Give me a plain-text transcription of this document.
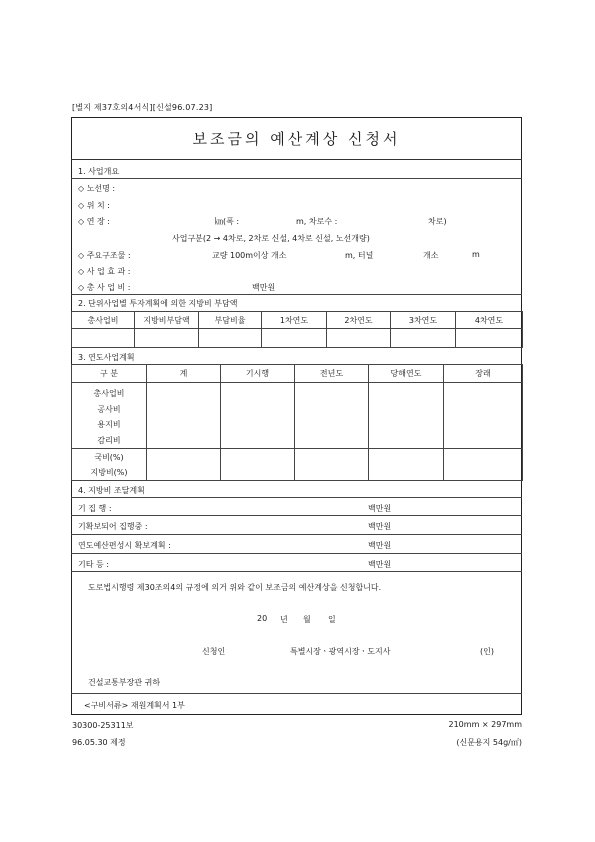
[별지 제37호의4서식][신설96.07.23]
보조금의 예산계상 신청서
1. 사업개요
◇ 노선명 :
◇ 위 치 :
◇ 연 장 :	㎞(폭 :	m, 차로수 :	차로)
사업구분(2 → 4차로, 2차로 신설, 4차로 신설, 노선개량)
◇ 주요구조물 :	교량 100m이상 개소	m, 터널	개소	m
◇ 사 업 효 과 :
◇ 총 사 업 비 :	백만원
2. 단위사업별 투자계획에 의한 지방비 부담액
총사업비	지방비부담액	부담비율	1차연도	2차연도	3차연도	4차연도

3. 연도사업계획
구 분	계	기시행	전년도	당해연도	장래

총사업비
공사비
용지비
감리비					

국비(%)
지방비(%)					

4. 지방비 조달계획
기 집 행 :	백만원
기확보되어 집행중 :	백만원
연도예산편성시 확보계획 :	백만원
기타 등 :	백만원
도로법시행령 제30조의4의 규정에 의거 위와 같이 보조금의 예산계상을 신청합니다.
20 년 월 일
신청인	특별시장ㆍ광역시장ㆍ도지사	(인)
건설교통부장관 귀하
<구비서류> 재원계획서 1부
30300-25311보	210mm × 297mm
96.05.30 제정	(신문용지 54g/㎡)
